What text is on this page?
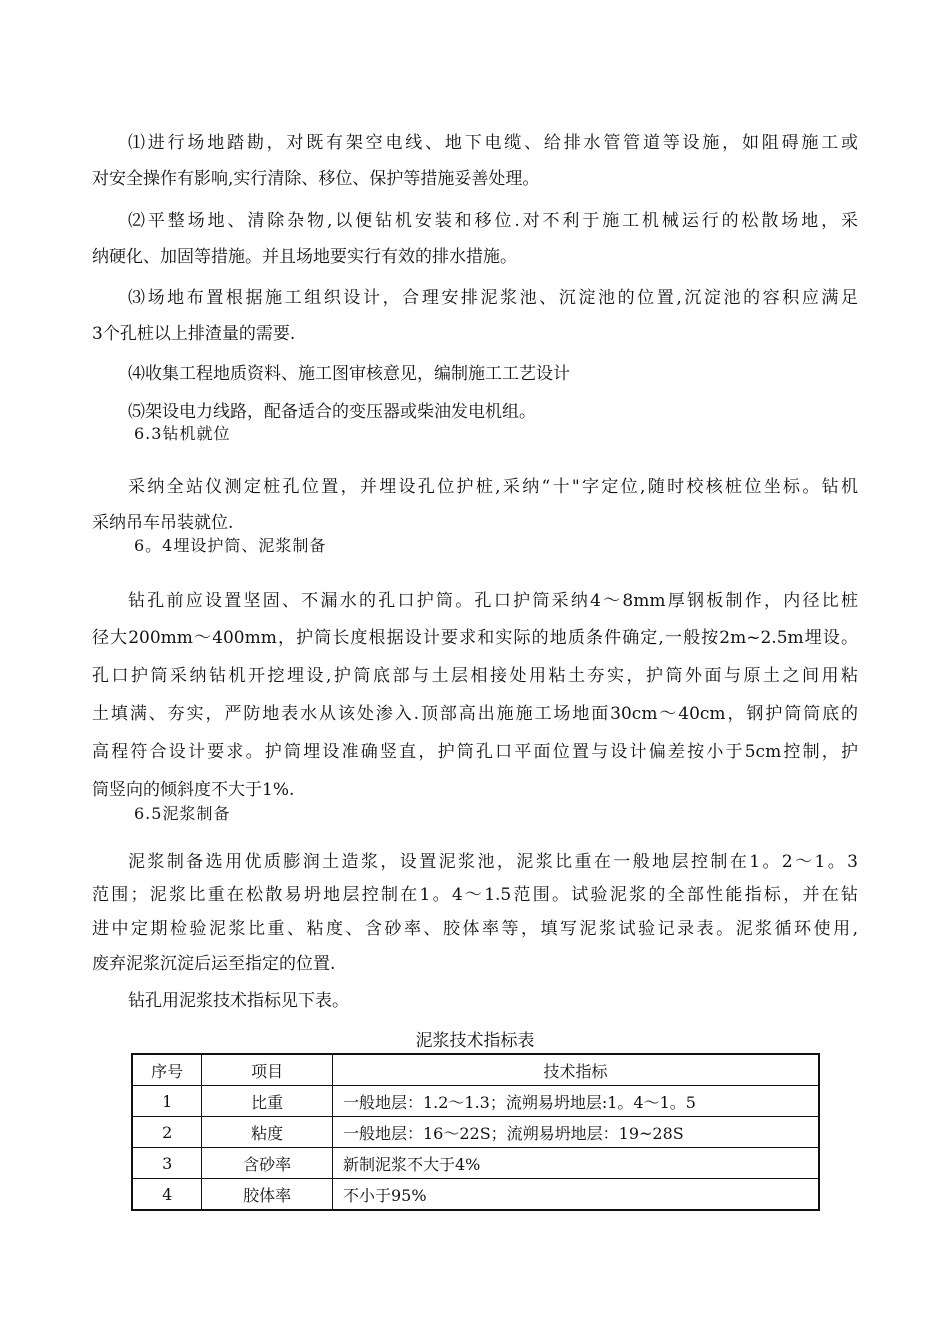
⑴进行场地踏勘，对既有架空电线、地下电缆、给排水管管道等设施，如阻碍施工或
对安全操作有影响,实行清除、移位、保护等措施妥善处理。
⑵平整场地、清除杂物,以便钻机安装和移位.对不利于施工机械运行的松散场地，采
纳硬化、加固等措施。并且场地要实行有效的排水措施。
⑶场地布置根据施工组织设计，合理安排泥浆池、沉淀池的位置,沉淀池的容积应满足
3个孔桩以上排渣量的需要.
⑷收集工程地质资料、施工图审核意见，编制施工工艺设计
⑸架设电力线路，配备适合的变压器或柴油发电机组。
6.3钻机就位
采纳全站仪测定桩孔位置，并埋设孔位护桩,采纳“十"字定位,随时校核桩位坐标。钻机
采纳吊车吊装就位.
6。4埋设护筒、泥浆制备
钻孔前应设置坚固、不漏水的孔口护筒。孔口护筒采纳4～8mm厚钢板制作，内径比桩
径大200mm～400mm，护筒长度根据设计要求和实际的地质条件确定,一般按2m~2.5m埋设。
孔口护筒采纳钻机开挖埋设,护筒底部与土层相接处用粘土夯实，护筒外面与原土之间用粘
土填满、夯实，严防地表水从该处渗入.顶部高出施施工场地面30cm～40cm，钢护筒筒底的
高程符合设计要求。护筒埋设准确竖直，护筒孔口平面位置与设计偏差按小于5cm控制，护
筒竖向的倾斜度不大于1%.
6.5泥浆制备
泥浆制备选用优质膨润土造浆，设置泥浆池，泥浆比重在一般地层控制在1。2～1。3
范围；泥浆比重在松散易坍地层控制在1。4～1.5范围。试验泥浆的全部性能指标，并在钻
进中定期检验泥浆比重、粘度、含砂率、胶体率等，填写泥浆试验记录表。泥浆循环使用,
废弃泥浆沉淀后运至指定的位置.
钻孔用泥浆技术指标见下表。
泥浆技术指标表
序号	项目	技术指标
1	比重	一般地层：1.2～1.3；流朔易坍地层:1。4～1。5
2	粘度	一般地层：16～22S；流朔易坍地层：19~28S
3	含砂率	新制泥浆不大于4%
4	胶体率	不小于95%
